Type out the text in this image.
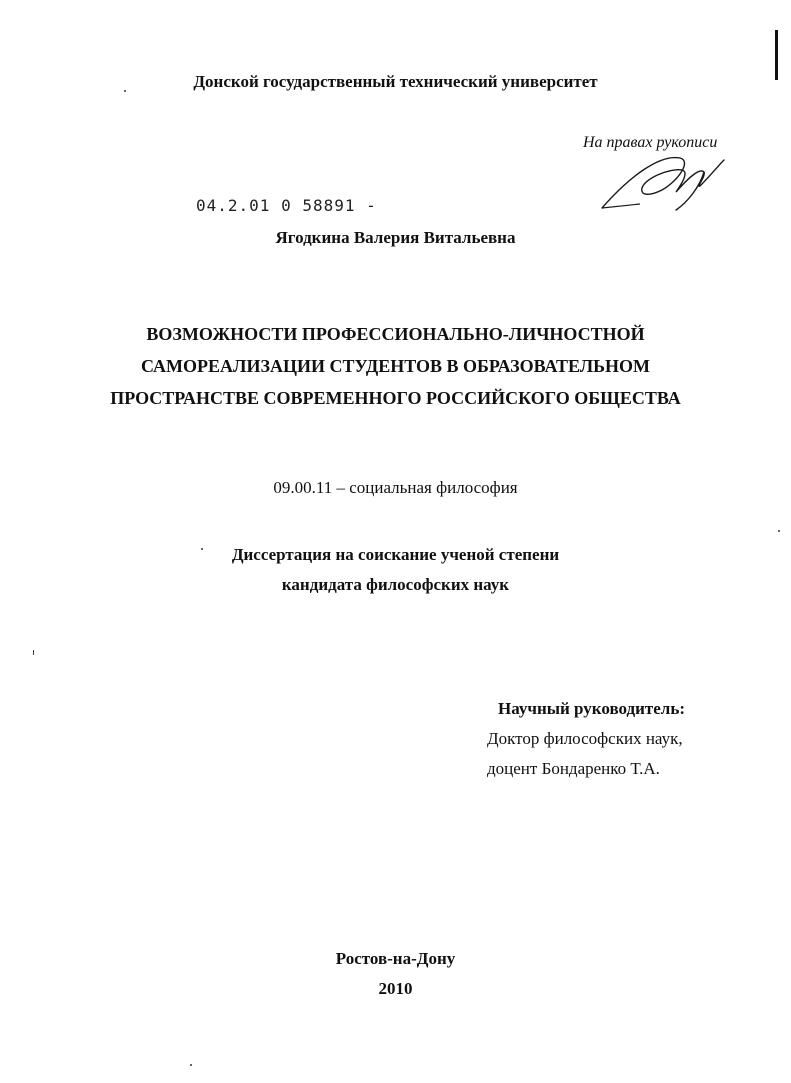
Донской государственный технический университет
На правах рукописи
04.2.01 0 58891 -
Ягодкина Валерия Витальевна
ВОЗМОЖНОСТИ ПРОФЕССИОНАЛЬНО-ЛИЧНОСТНОЙ
САМОРЕАЛИЗАЦИИ СТУДЕНТОВ В ОБРАЗОВАТЕЛЬНОМ
ПРОСТРАНСТВЕ СОВРЕМЕННОГО РОССИЙСКОГО ОБЩЕСТВА
09.00.11 – социальная философия
Диссертация на соискание ученой степени
кандидата философских наук
Научный руководитель:
Доктор философских наук,
доцент Бондаренко Т.А.
Ростов-на-Дону
2010
